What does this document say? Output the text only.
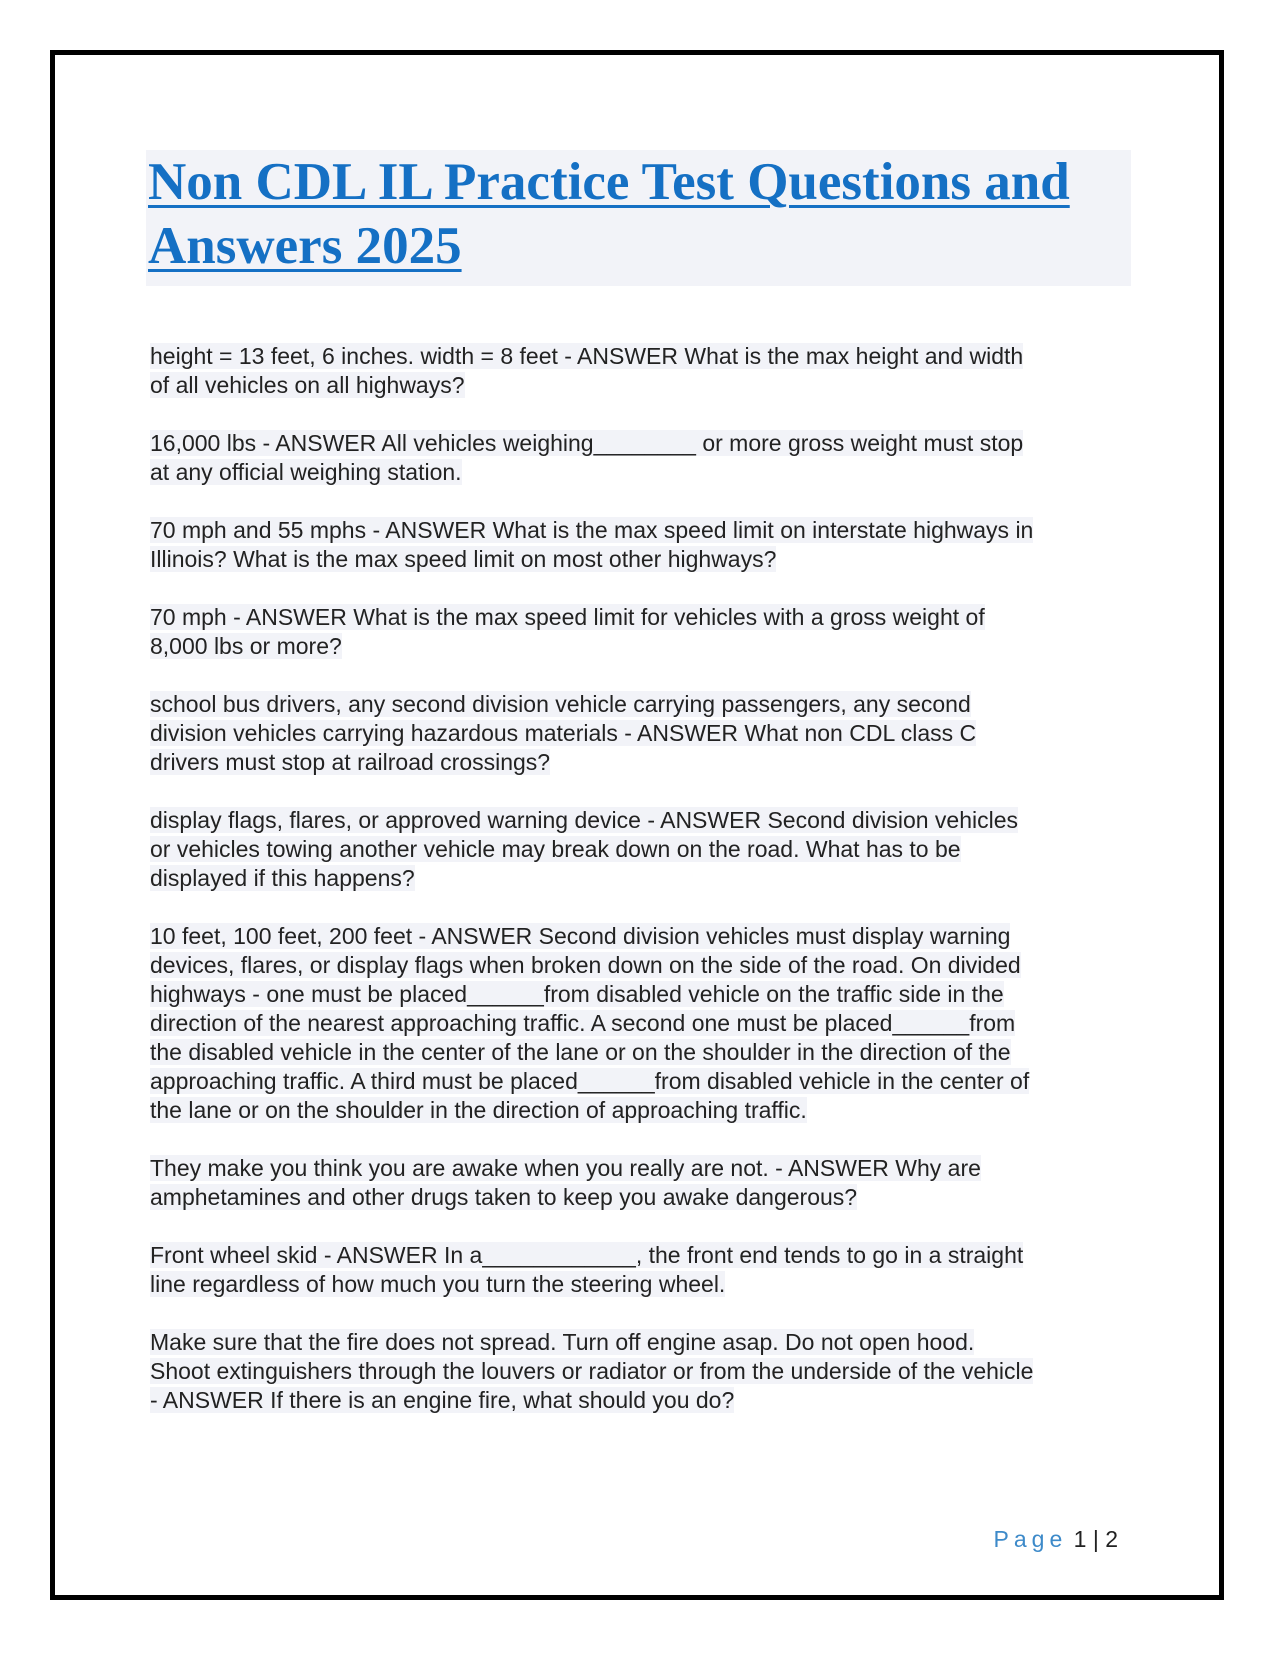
Non CDL IL Practice Test Questions and Answers 2025

height = 13 feet, 6 inches. width = 8 feet - ANSWER What is the max height and width
of all vehicles on all highways?

16,000 lbs - ANSWER All vehicles weighing________ or more gross weight must stop
at any official weighing station.

70 mph and 55 mphs - ANSWER What is the max speed limit on interstate highways in
Illinois? What is the max speed limit on most other highways?

70 mph - ANSWER What is the max speed limit for vehicles with a gross weight of
8,000 lbs or more?

school bus drivers, any second division vehicle carrying passengers, any second
division vehicles carrying hazardous materials - ANSWER What non CDL class C
drivers must stop at railroad crossings?

display flags, flares, or approved warning device - ANSWER Second division vehicles
or vehicles towing another vehicle may break down on the road. What has to be
displayed if this happens?

10 feet, 100 feet, 200 feet - ANSWER Second division vehicles must display warning
devices, flares, or display flags when broken down on the side of the road. On divided
highways - one must be placed______from disabled vehicle on the traffic side in the
direction of the nearest approaching traffic. A second one must be placed______from
the disabled vehicle in the center of the lane or on the shoulder in the direction of the
approaching traffic. A third must be placed______from disabled vehicle in the center of
the lane or on the shoulder in the direction of approaching traffic.

They make you think you are awake when you really are not. - ANSWER Why are
amphetamines and other drugs taken to keep you awake dangerous?

Front wheel skid - ANSWER In a____________, the front end tends to go in a straight
line regardless of how much you turn the steering wheel.

Make sure that the fire does not spread. Turn off engine asap. Do not open hood.
Shoot extinguishers through the louvers or radiator or from the underside of the vehicle
- ANSWER If there is an engine fire, what should you do?

Page 1 | 2
